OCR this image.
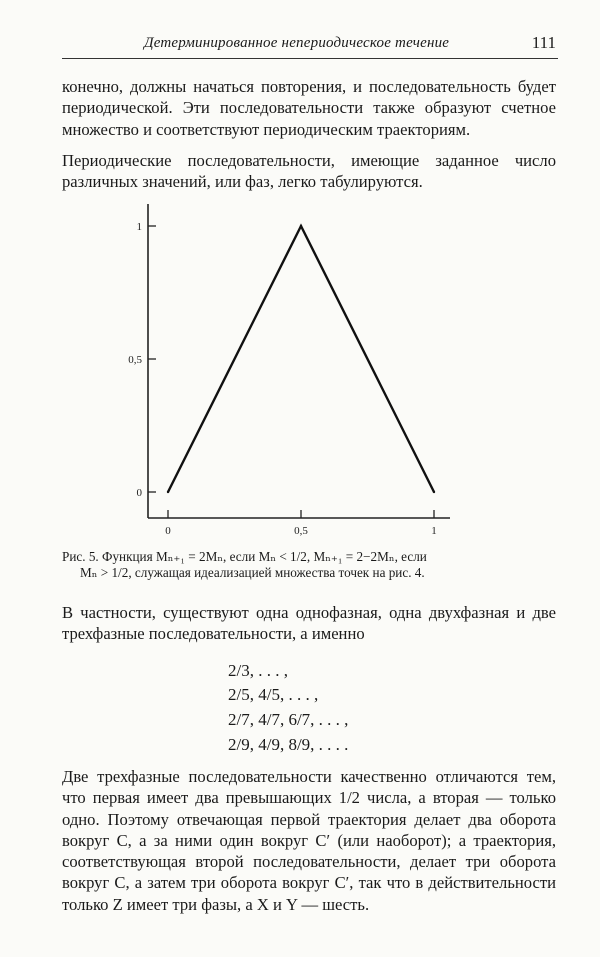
Детерминированное непериодическое течение	111

конечно, должны начаться повторения, и последовательность будет периодической. Эти последовательности также образуют счетное множество и соответствуют периодическим траекториям.

Периодические последовательности, имеющие заданное число различных значений, или фаз, легко табулируются.

0
0,5
1
0	0,5	1
Рис. 5. Функция Mₙ₊₁ = 2Mₙ, если Mₙ < 1/2, Mₙ₊₁ = 2−2Mₙ, если
Mₙ > 1/2, служащая идеализацией множества точек на рис. 4.

В частности, существуют одна однофазная, одна двухфазная и две трехфазные последовательности, а именно

2/3, . . . ,
2/5, 4/5, . . . ,
2/7, 4/7, 6/7, . . . ,
2/9, 4/9, 8/9, . . . .

Две трехфазные последовательности качественно отличаются тем, что первая имеет два превышающих 1/2 числа, а вторая — только одно. Поэтому отвечающая первой траектория делает два оборота вокруг C, а за ними один вокруг C′ (или наоборот); а траектория, соответствующая второй последовательности, делает три оборота вокруг C, а затем три оборота вокруг C′, так что в действительности только Z имеет три фазы, а X и Y — шесть.
